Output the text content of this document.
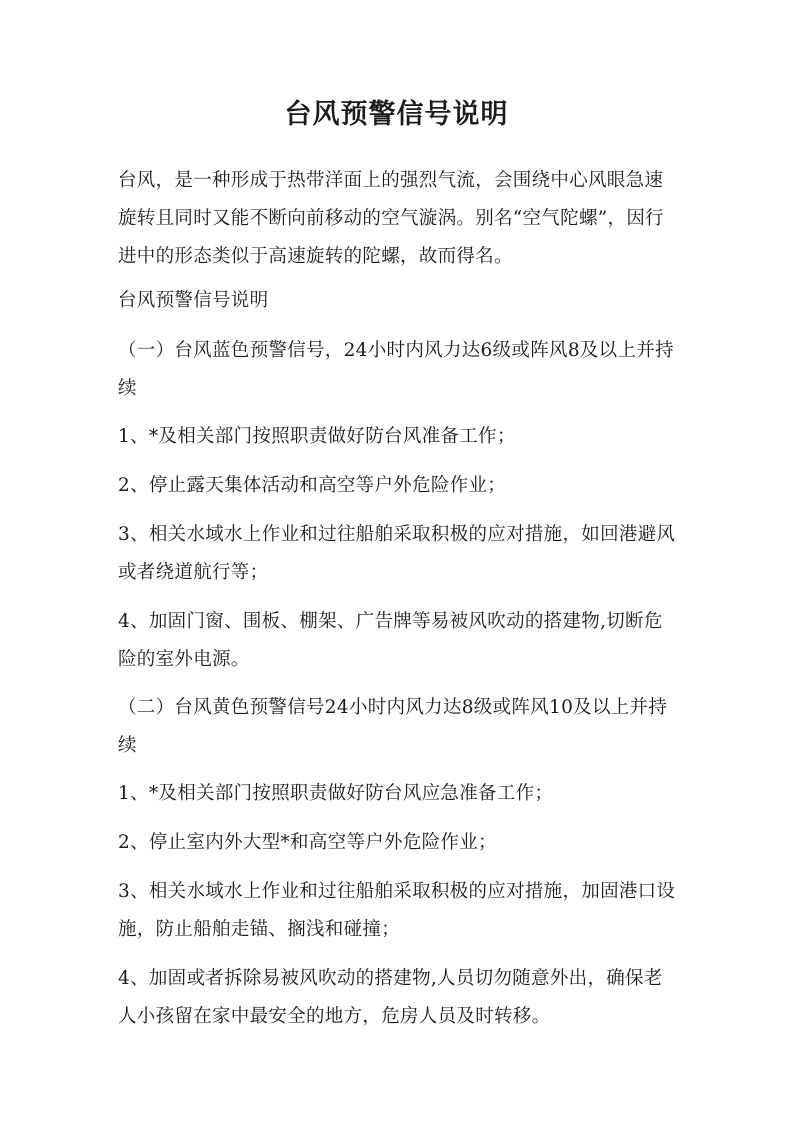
台风预警信号说明

台风，是一种形成于热带洋面上的强烈气流，会围绕中心风眼急速旋转且同时又能不断向前移动的空气漩涡。别名“空气陀螺”，因行进中的形态类似于高速旋转的陀螺，故而得名。

台风预警信号说明

（一）台风蓝色预警信号，24小时内风力达6级或阵风8及以上并持续

1、*及相关部门按照职责做好防台风准备工作；

2、停止露天集体活动和高空等户外危险作业；

3、相关水域水上作业和过往船舶采取积极的应对措施，如回港避风或者绕道航行等；

4、加固门窗、围板、棚架、广告牌等易被风吹动的搭建物,切断危险的室外电源。

（二）台风黄色预警信号24小时内风力达8级或阵风10及以上并持续

1、*及相关部门按照职责做好防台风应急准备工作；

2、停止室内外大型*和高空等户外危险作业；

3、相关水域水上作业和过往船舶采取积极的应对措施，加固港口设施，防止船舶走锚、搁浅和碰撞；

4、加固或者拆除易被风吹动的搭建物,人员切勿随意外出，确保老人小孩留在家中最安全的地方，危房人员及时转移。
